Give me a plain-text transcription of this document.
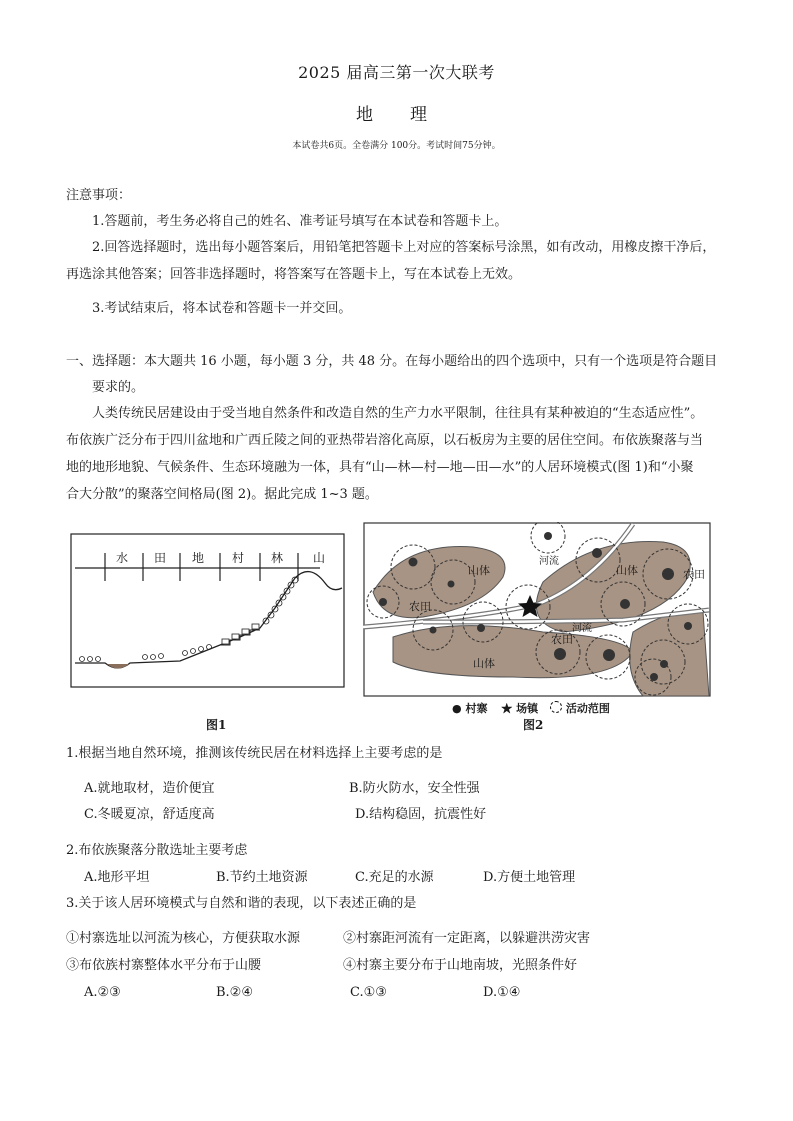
2025 届高三第一次大联考
地　理
本试卷共6页。全卷满分 100分。考试时间75分钟。
注意事项：
1.答题前，考生务必将自己的姓名、准考证号填写在本试卷和答题卡上。
2.回答选择题时，选出每小题答案后，用铅笔把答题卡上对应的答案标号涂黑，如有改动，用橡皮擦干净后，
再选涂其他答案；回答非选择题时，将答案写在答题卡上，写在本试卷上无效。
3.考试结束后，将本试卷和答题卡一并交回。
一、选择题：本大题共 16 小题，每小题 3 分，共 48 分。在每小题给出的四个选项中，只有一个选项是符合题目
要求的。
人类传统民居建设由于受当地自然条件和改造自然的生产力水平限制，往往具有某种被迫的“生态适应性”。
布依族广泛分布于四川盆地和广西丘陵之间的亚热带岩溶化高原，以石板房为主要的居住空间。布依族聚落与当
地的地形地貌、气候条件、生态环境融为一体，具有“山—林—村—地—田—水”的人居环境模式(图 1)和“小聚
合大分散”的聚落空间格局(图 2)。据此完成 1~3 题。
水 田 地 村 林 山
图1
山体	山体
山体
河流
河流
农田
农田
农田
● 村寨 ★ 场镇	活动范围
图2
1.根据当地自然环境，推测该传统民居在材料选择上主要考虑的是
A.就地取材，造价便宜	B.防火防水，安全性强
C.冬暖夏凉，舒适度高	D.结构稳固，抗震性好
2.布依族聚落分散选址主要考虑
A.地形平坦	B.节约土地资源	C.充足的水源	D.方便土地管理
3.关于该人居环境模式与自然和谐的表现，以下表述正确的是
①村寨选址以河流为核心，方便获取水源	②村寨距河流有一定距离，以躲避洪涝灾害
③布依族村寨整体水平分布于山腰	④村寨主要分布于山地南坡，光照条件好
A.②③	B.②④	C.①③	D.①④
